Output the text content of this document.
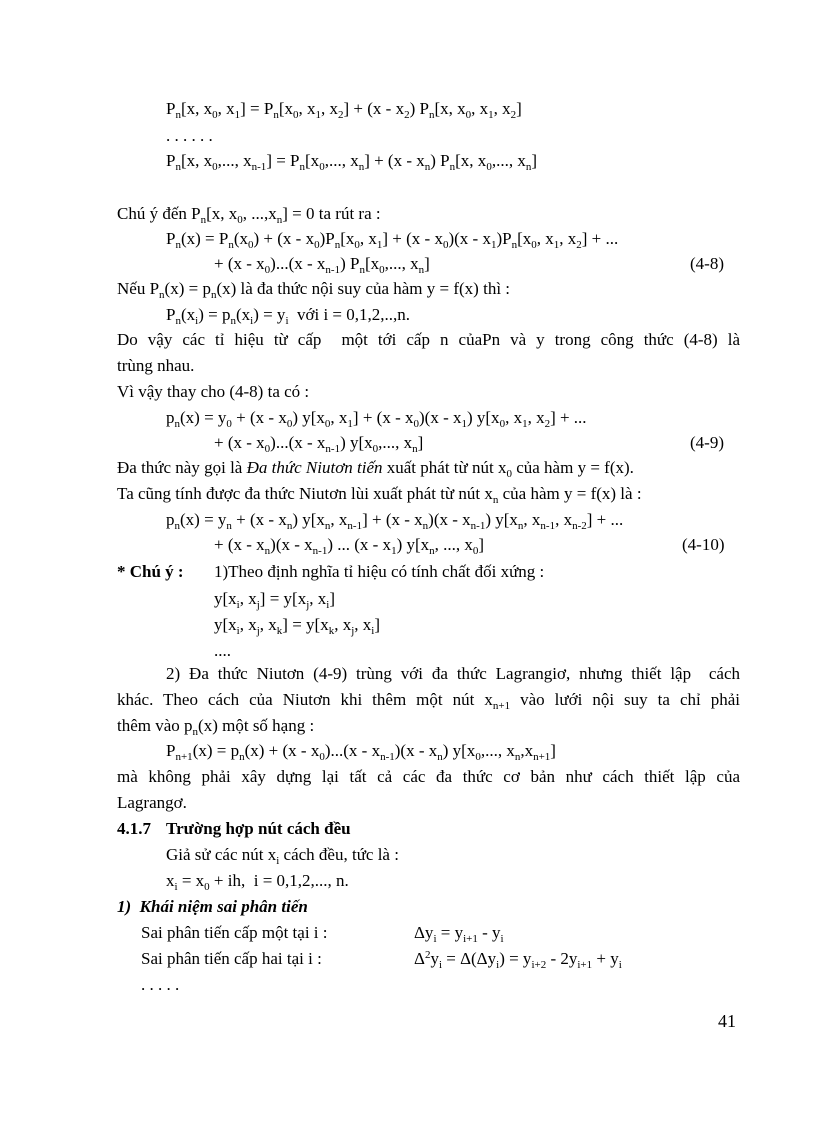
$P_n[x$, $x_0$, $x_1] = P_n[x_0$, $x_1$, $x_2] + (x - x_2)$ $P_n[x$, $x_0$, $x_1$, $x_2$]
. . . . . .
$P_n[x$, $x_0$,..., $x_{n-1}] = P_n[x_0$,..., $x_n] + (x - x_n)$ $P_n[x$, $x_0$,..., $x_n$]
Chú ý đến $P_n[x$, $x_0$, $...,x_n] = 0$ ta rút ra :
$P_n(x) = P_n(x_0) + (x - x_0)P_n[x_0$, $x_1] + (x - x_0)(x - x_1)P_n[x_0$, $x_1$, $x_2$] + ...
+ $(x - x_0)...(x - x_{n-1})$ $P_n[x_0$,..., $x_n$]	(4-8)
Nếu $P_n(x) = p_n(x)$ là đa thức nội suy của hàm y = f(x) thì :
$P_n(x_i) = p_n(x_i) = y_i$  với i = 0,1,2,..,n.
Do vậy các tỉ hiệu từ cấp  một tới cấp n củaPn và y trong công thức (4-8) là
trùng nhau.
Vì vậy thay cho (4-8) ta có :
$p_n(x) = y_0 + (x - x_0)$ $y[x_0$, $x_1] + (x - x_0)(x - x_1)$ $y[x_0$, $x_1$, $x_2$] + ...
+ $(x - x_0)...(x - x_{n-1})$ $y[x_0$,..., $x_n$]	(4-9)
Đa thức này gọi là Đa thức Niutơn tiến xuất phát từ nút $x_0$ của hàm y = f(x).
Ta cũng tính được đa thức Niutơn lùi xuất phát từ nút $x_n$ của hàm y = f(x) là :
$p_n(x) = y_n + (x - x_n)$ $y[x_n$, $x_{n-1}] + (x - x_n)(x - x_{n-1})$ $y[x_n$, $x_{n-1}$, $x_{n-2}$] + ...
+ $(x - x_n)(x - x_{n-1})$ ... $(x - x_1)$ $y[x_n$, ..., $x_0$]	(4-10)
* Chú ý : 1)Theo định nghĩa tỉ hiệu có tính chất đối xứng :
$y[x_i$, $x_j] = y[x_j$, $x_i$]
$y[x_i$, $x_j$, $x_k] = y[x_k$, $x_j$, $x_i$]
....
2) Đa thức Niutơn (4-9) trùng với đa thức Lagrangiơ, nhưng thiết lập  cách
khác. Theo cách của Niutơn khi thêm một nút $x_{n+1}$ vào lưới nội suy ta chỉ phải
thêm vào $p_n(x)$ một số hạng :
$P_{n+1}(x) = p_n(x) + (x - x_0)...(x - x_{n-1})(x - x_n)$ $y[x_0$,..., $x_n,x_{n+1}$]
mà không phải xây dựng lại tất cả các đa thức cơ bản như cách thiết lập của
Lagrangơ.
4.1.7 Trường hợp nút cách đều
Giả sử các nút $x_i$ cách đều, tức là :
$x_i = x_0$ + ih,  i = 0,1,2,..., n.
1)  Khái niệm sai phân tiến
Sai phân tiến cấp một tại i :	$\Delta y_i = y_{i+1} - y_i$
Sai phân tiến cấp hai tại i :	$\Delta^2y_i = \Delta(\Delta y_i) = y_{i+2} - 2y_{i+1} + y_i$
. . . . .
41
